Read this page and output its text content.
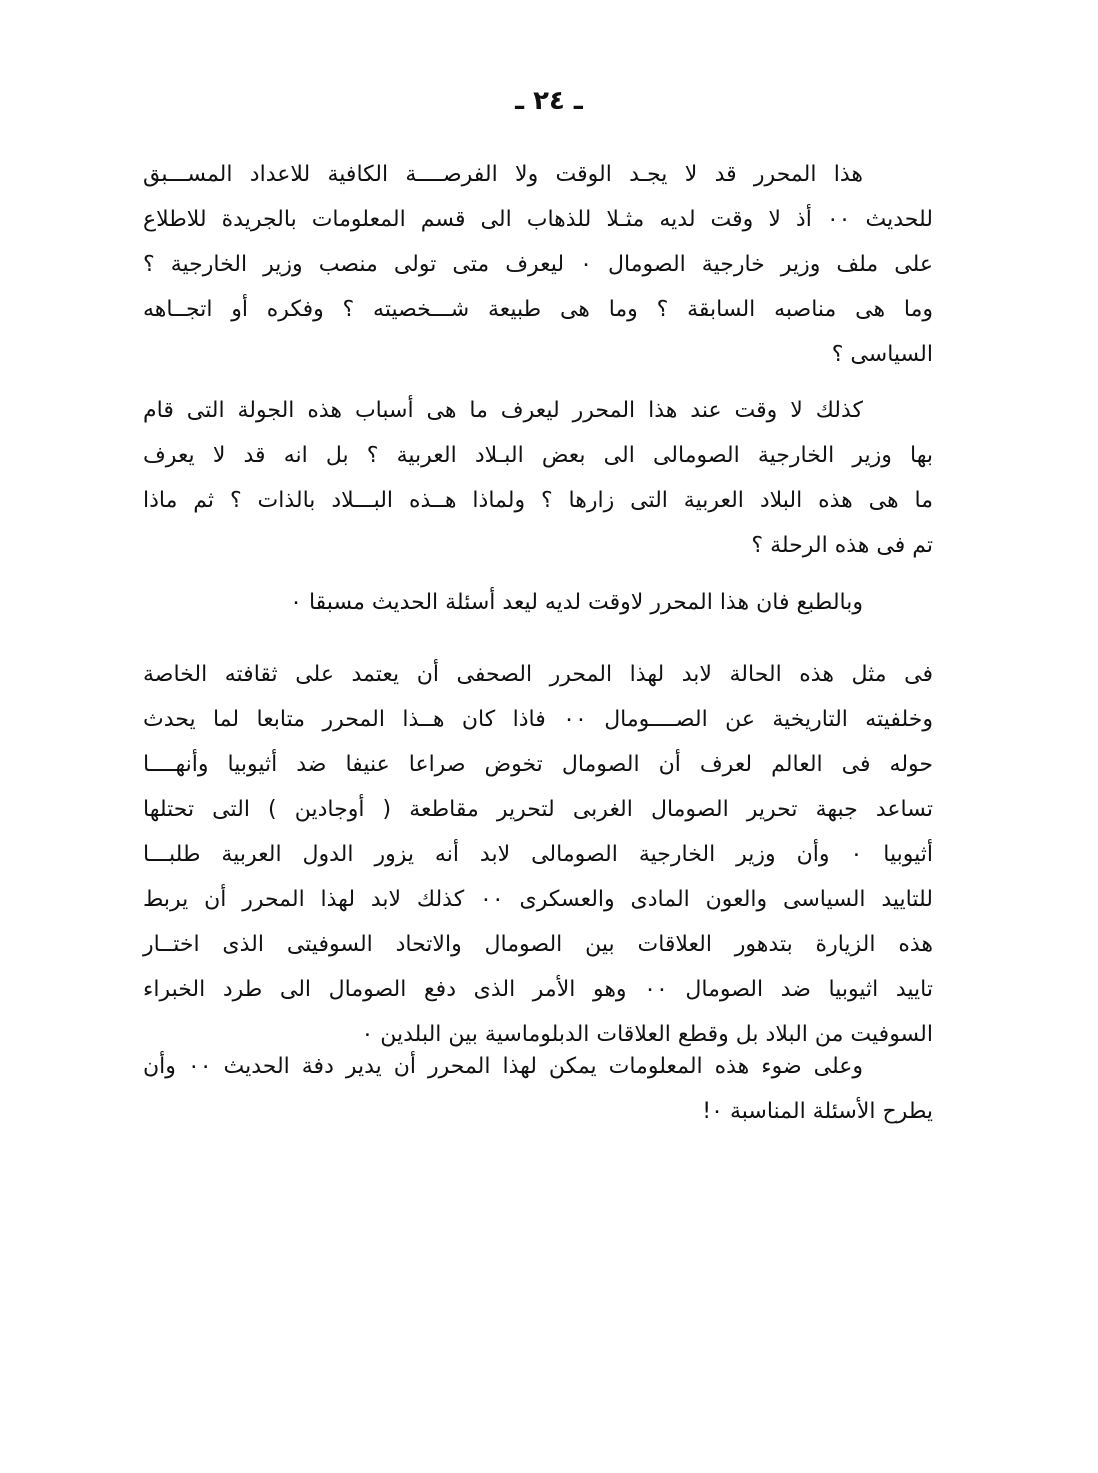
ـ ٢٤ ـ
هذا المحرر قد لا يجـد الوقت ولا الفرصــــة الكافية للاعداد المســـبق
للحديث ٠٠ أذ لا وقت لديه مثـلا للذهاب الى قسم المعلومات بالجريدة للاطلاع
على ملف وزير خارجية الصومال ٠ ليعرف متى تولى منصب وزير الخارجية ؟
وما هى مناصبه السابقة ؟ وما هى طبيعة شـــخصيته ؟ وفكره أو اتجــاهه
السياسى ؟
كذلك لا وقت عند هذا المحرر ليعرف ما هى أسباب هذه الجولة التى قام
بها وزير الخارجية الصومالى الى بعض البـلاد العربية ؟ بل انه قد لا يعرف
ما هى هذه البلاد العربية التى زارها ؟ ولماذا هــذه البـــلاد بالذات ؟ ثم ماذا
تم فى هذه الرحلة ؟
وبالطبع فان هذا المحرر لاوقت لديه ليعد أسئلة الحديث مسبقا ٠
فى مثل هذه الحالة لابد لهذا المحرر الصحفى أن يعتمد على ثقافته الخاصة
وخلفيته التاريخية عن الصــــومال ٠٠ فاذا كان هــذا المحرر متابعا لما يحدث
حوله فى العالم لعرف أن الصومال تخوض صراعا عنيفا ضد أثيوبيا وأنهــــا
تساعد جبهة تحرير الصومال الغربى لتحرير مقاطعة ( أوجادين ) التى تحتلها
أثيوبيا ٠ وأن وزير الخارجية الصومالى لابد أنه يزور الدول العربية طلبـــا
للتاييد السياسى والعون المادى والعسكرى ٠٠ كذلك لابد لهذا المحرر أن يربط
هذه الزيارة بتدهور العلاقات بين الصومال والاتحاد السوفيتى الذى اختــار
تاييد اثيوبيا ضد الصومال ٠٠ وهو الأمر الذى دفع الصومال الى طرد الخبراء
السوفيت من البلاد بل وقطع العلاقات الدبلوماسية بين البلدين ٠
وعلى ضوء هذه المعلومات يمكن لهذا المحرر أن يدير دفة الحديث ٠٠ وأن
يطرح الأسئلة المناسبة ٠!
